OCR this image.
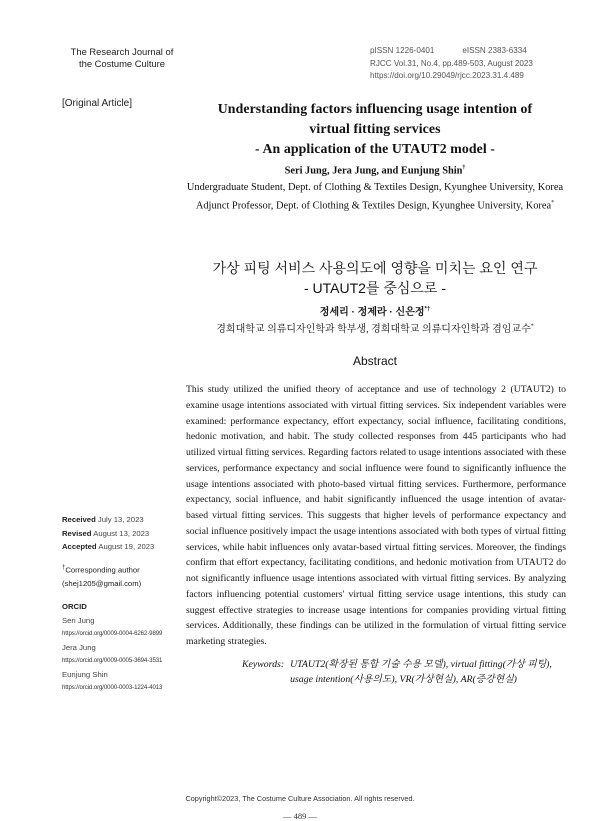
The Research Journal of
the Costume Culture
pISSN 1226-0401	eISSN 2383-6334
RJCC Vol.31, No.4, pp.489-503, August 2023
https://doi.org/10.29049/rjcc.2023.31.4.489
[Original Article]	Understanding factors influencing usage intention of
virtual fitting services
- An application of the UTAUT2 model -
Seri Jung, Jera Jung, and Eunjung Shin†
Undergraduate Student, Dept. of Clothing & Textiles Design, Kyunghee University, Korea
Adjunct Professor, Dept. of Clothing & Textiles Design, Kyunghee University, Korea*
가상 피팅 서비스 사용의도에 영향을 미치는 요인 연구
- UTAUT2를 중심으로 -
정세리 · 정제라 · 신은정*†
경희대학교 의류디자인학과 학부생, 경희대학교 의류디자인학과 겸임교수*
Abstract
This study utilized the unified theory of acceptance and use of technology 2 (UTAUT2) to examine usage intentions associated with virtual fitting services. Six independent variables were examined: performance expectancy, effort expectancy, social influence, facilitating conditions, hedonic motivation, and habit. The study collected responses from 445 participants who had utilized virtual fitting services. Regarding factors related to usage intentions associated with these services, performance expectancy and social influence were found to significantly influence the usage intentions associated with photo-based virtual fitting services. Furthermore, performance expectancy, social influence, and habit significantly influenced the usage intention of avatar-based virtual fitting services. This suggests that higher levels of performance expectancy and social influence positively impact the usage intentions associated with both types of virtual fitting services, while habit influences only avatar-based virtual fitting services. Moreover, the findings confirm that effort expectancy, facilitating conditions, and hedonic motivation from UTAUT2 do not significantly influence usage intentions associated with virtual fitting services. By analyzing factors influencing potential customers' virtual fitting service usage intentions, this study can suggest effective strategies to increase usage intentions for companies providing virtual fitting services. Additionally, these findings can be utilized in the formulation of virtual fitting service marketing strategies.
Received July 13, 2023
Revised August 13, 2023
Accepted August 19, 2023
†Corresponding author
(shej1205@gmail.com)
ORCID
Seri Jung
https://orcid.org/0009-0004-6262-9899
Jera Jung
https://orcid.org/0009-0005-3694-3531
Eunjung Shin
https://orcid.org/0000-0003-1224-4013
Keywords: UTAUT2(확장된 통합 기술 수용 모델), virtual fitting(가상 피팅), usage intention(사용의도), VR(가상현실), AR(증강현실)
Copyright©2023, The Costume Culture Association. All rights reserved.
— 489 —
